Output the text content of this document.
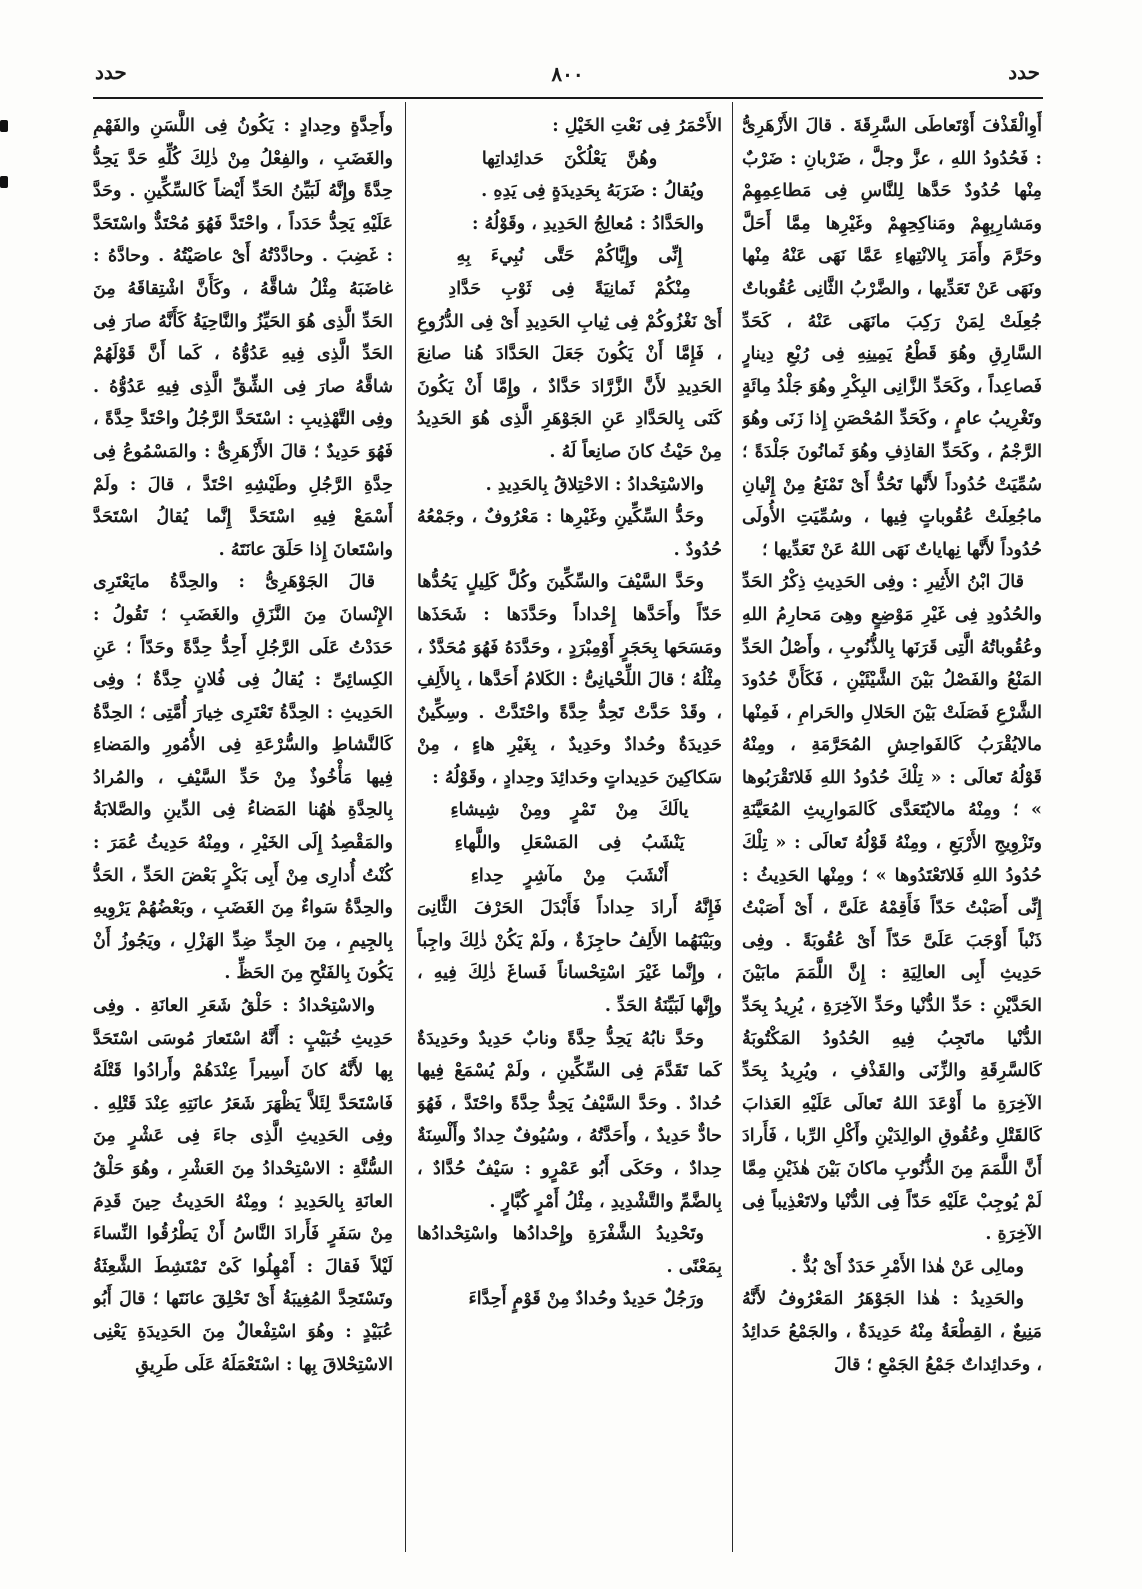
حدد
٨٠٠
حدد

أَوِالْقَذْفَ أَوْتَعاطَى السَّرِقَةَ . قالَ الأَزْهَرِىُّ : فَحُدُودُ اللهِ ، عزَّ وجلَّ ، ضَرْبانِ : ضَرْبٌ مِنْها حُدُودٌ حَدَّها لِلنَّاسِ فِى مَطاعِمِهِمْ ومَشارِبِهِمْ ومَناكِحِهِمْ وغَيْرِها مِمَّا أَحَلَّ وحَرَّمَ وأَمَرَ بِالانْتِهاءِ عَمَّا نَهَى عَنْهُ مِنْها ونَهَى عَنْ تَعَدِّيها ، والضَّرْبُ الثَّانِى عُقُوباتٌ جُعِلَتْ لِمَنْ رَكِبَ مانَهَى عَنْهُ ، كَحَدِّ السَّارِقِ وهُوَ قَطْعُ يَمِينِهِ فِى رُبْعِ دِينارٍ فَصاعِداً ، وكَحَدِّ الزَّانِى البِكْرِ وهُوَ جَلْدُ مِائَةٍ وتَغْرِيبُ عامٍ ، وكَحَدِّ المُحْصَنِ إِذا زَنَى وهُوَ الرَّجْمُ ، وكَحَدِّ القاذِفِ وهُوَ ثَمانُونَ جَلْدَةً ؛ سُمِّيَتْ حُدُوداً لأَنَّها تَحُدُّ أَىْ تَمْنَعُ مِنْ إِتْيانِ ماجُعِلَتْ عُقُوباتٍ فِيها ، وسُمِّيَتِ الأُولَى حُدُوداً لأَنَّها نِهاياتٌ نَهَى اللهُ عَنْ تَعَدِّيها ؛

قالَ ابْنُ الأَثِيرِ : وفِى الحَدِيثِ ذِكْرُ الحَدِّ والحُدُودِ فِى غَيْرِ مَوْضِعٍ وهِىَ مَحارِمُ اللهِ وعُقُوباتُهُ الَّتِى قَرَنَها بِالذُّنُوبِ ، وأَصْلُ الحَدِّ المَنْعُ والفَصْلُ بَيْنَ الشَّيْئَيْنِ ، فَكَأَنَّ حُدُودَ الشَّرْعِ فَصَلَتْ بَيْنَ الحَلالِ والحَرامِ ، فَمِنْها مالايُقْرَبُ كَالفَواحِشِ المُحَرَّمَةِ ، ومِنْهُ قَوْلُهُ تَعالَى : « تِلْكَ حُدُودُ اللهِ فَلاتَقْرَبُوها » ؛ ومِنْهُ مالايُتَعَدَّى كَالمَوارِيثِ المُعَيَّنَةِ وتَزْوِيجِ الأَرْبَعِ ، ومِنْهُ قَوْلُهُ تَعالَى : « تِلْكَ حُدُودُ اللهِ فَلاتَعْتَدُوها » ؛ ومِنْها الحَدِيثُ : إِنِّى أَصَبْتُ حَدّاً فَأَقِمْهُ عَلَىَّ ، أَىْ أَصَبْتُ ذَنْباً أَوْجَبَ عَلَىَّ حَدّاً أَىْ عُقُوبَةً . وفِى حَدِيثِ أَبِى العالِيَةِ : إِنَّ اللَّمَمَ مابَيْنَ الحَدَّيْنِ : حَدِّ الدُّنْيا وحَدِّ الآخِرَةِ ، يُرِيدُ بِحَدِّ الدُّنْيا ماتَجِبُ فِيهِ الحُدُودُ المَكْتُوبَةُ كَالسَّرِقَةِ والزِّنَى والقَذْفِ ، ويُرِيدُ بِحَدِّ الآخِرَةِ ما أَوْعَدَ اللهُ تَعالَى عَلَيْهِ العَذابَ كَالقَتْلِ وعُقُوقِ الوالِدَيْنِ وأَكْلِ الرِّبا ، فَأَرادَ أَنَّ اللَّمَمَ مِنَ الذُّنُوبِ ماكانَ بَيْنَ هٰذَيْنِ مِمَّا لَمْ يُوجِبْ عَلَيْهِ حَدّاً فِى الدُّنْيا ولاتَعْذِيباً فِى الآخِرَةِ .

ومالِى عَنْ هٰذا الأَمْرِ حَدَدٌ أَىْ بُدٌّ .

والحَدِيدُ : هٰذا الجَوْهَرُ المَعْرُوفُ لأَنَّهُ مَنِيعٌ ، القِطْعَةُ مِنْهُ حَدِيدَةٌ ، والجَمْعُ حَدائِدُ ، وحَدائِداتٌ جَمْعُ الجَمْعِ ؛ قالَ

الأَحْمَرُ فِى نَعْتِ الخَيْلِ :

وهُنَّ يَعْلُكْنَ حَدائِداتِها

ويُقالُ : ضَرَبَهُ بِحَدِيدَةٍ فِى يَدِهِ .

والحَدَّادُ : مُعالِجُ الحَدِيدِ ، وقَوْلُهُ :

إِنِّى وإِيَّاكُمْ حَتَّى نُبِيءَ بِهِ

مِنْكُمْ ثَمانِيَةً فِى ثَوْبِ حَدَّادِ

أَىْ نَغْزُوكُمْ فِى ثِيابِ الحَدِيدِ أَىْ فِى الدُّرُوعِ ، فَإِمَّا أَنْ يَكُونَ جَعَلَ الحَدَّادَ هُنا صانِعَ الحَدِيدِ لأَنَّ الزَّرَّادَ حَدَّادٌ ، وإِمَّا أَنْ يَكُونَ كَنَى بِالحَدَّادِ عَنِ الجَوْهَرِ الَّذِى هُوَ الحَدِيدُ مِنْ حَيْثُ كانَ صانِعاً لَهُ .

والاسْتِحْدادُ : الاحْتِلاقُ بِالحَدِيدِ .

وحَدُّ السِّكِّينِ وغَيْرِها : مَعْرُوفٌ ، وجَمْعُهُ حُدُودٌ .

وحَدَّ السَّيْفَ والسِّكِّينَ وكُلَّ كَلِيلٍ يَحُدُّها حَدّاً وأَحَدَّها إِحْداداً وحَدَّدَها : شَحَذَها ومَسَحَها بِحَجَرٍ أَوْمِبْرَدٍ ، وحَدَّدَهُ فَهُوَ مُحَدَّدٌ ، مِثْلُهُ ؛ قالَ اللِّحْيانِىُّ : الكَلامُ أَحَدَّها ، بِالأَلِفِ ، وقَدْ حَدَّتْ تَحِدُّ حِدَّةً واحْتَدَّتْ . وسِكِّينٌ حَدِيدَةٌ وحُدادٌ وحَدِيدٌ ، بِغَيْرِ هاءٍ ، مِنْ سَكاكِينَ حَدِيداتٍ وحَدائِدَ وحِدادٍ ، وقَوْلُهُ :

يالَكَ مِنْ تَمْرٍ ومِنْ شِيشاءِ

يَنْشَبُ فِى المَسْعَلِ واللَّهاءِ

أَنْشَبَ مِنْ مآشِرٍ حِداءِ

فَإِنَّهُ أَرادَ حِداداً فَأَبْدَلَ الحَرْفَ الثَّانِىَ وبَيْنَهُما الأَلِفُ حاجِزَةٌ ، ولَمْ يَكُنْ ذٰلِكَ واجِباً ، وإِنَّما غَيْرَ اسْتِحْساناً فَساغَ ذٰلِكَ فِيهِ ، وإِنَّها لَبَيِّنَةُ الحَدِّ .

وحَدَّ نابُهُ يَحِدُّ حِدَّةً ونابٌ حَدِيدٌ وحَدِيدَةٌ كَما تَقَدَّمَ فِى السِّكِّينِ ، ولَمْ يُسْمَعْ فِيها حُدادٌ . وحَدَّ السَّيْفُ يَحِدُّ حِدَّةً واحْتَدَّ ، فَهُوَ حادٌّ حَدِيدٌ ، وأَحَدَّتُهُ ، وسُيُوفٌ حِدادٌ وأَلْسِنَةٌ حِدادٌ ، وحَكَى أَبُو عَمْرٍو : سَيْفٌ حُدَّادٌ ، بِالضَّمِّ والتَّشْدِيدِ ، مِثْلُ أَمْرٍ كُبَّارٍ .

وتَحْدِيدُ الشَّفْرَةِ وإِحْدادُها واسْتِحْدادُها بِمَعْنًى .

ورَجُلٌ حَدِيدٌ وحُدادٌ مِنْ قَوْمٍ أَحِدَّاءَ

وأَحِدَّةٍ وحِدادٍ : يَكُونُ فِى اللَّسَنِ والفَهْمِ والغَضَبِ ، والفِعْلُ مِنْ ذٰلِكَ كُلِّهِ حَدَّ يَحِدُّ حِدَّةً وإِنَّهُ لَبَيِّنُ الحَدِّ أَيْضاً كَالسِّكِّينِ . وحَدَّ عَلَيْهِ يَحِدُّ حَدَداً ، واحْتَدَّ فَهُوَ مُحْتَدٌّ واسْتَحَدَّ : غَضِبَ . وحادَّدْتُهُ أَىْ عاصَيْتُهُ . وحادَّهُ : غاضَبَهُ مِثْلُ شاقَّهُ ، وكَأَنَّ اشْتِقاقَهُ مِنَ الحَدِّ الَّذِى هُوَ الحَيِّزُ والنَّاحِيَةُ كَأَنَّهُ صارَ فِى الحَدِّ الَّذِى فِيهِ عَدُوُّهُ ، كَما أَنَّ قَوْلَهُمْ شاقَّهُ صارَ فِى الشِّقِّ الَّذِى فِيهِ عَدُوُّهُ . وفِى التَّهْذِيبِ : اسْتَحَدَّ الرَّجُلُ واحْتَدَّ حِدَّةً ، فَهُوَ حَدِيدٌ ؛ قالَ الأَزْهَرِىُّ : والمَسْمُوعُ فِى حِدَّةِ الرَّجُلِ وطَيْشِهِ احْتَدَّ ، قالَ : ولَمْ أَسْمَعْ فِيهِ اسْتَحَدَّ إِنَّما يُقالُ اسْتَحَدَّ واسْتَعانَ إِذا حَلَقَ عانَتَهُ .

قالَ الجَوْهَرِىُّ : والحِدَّةُ مايَعْتَرِى الإِنْسانَ مِنَ النَّزَقِ والغَضَبِ ؛ تَقُولُ : حَدَدْتُ عَلَى الرَّجُلِ أَحِدُّ حِدَّةً وحَدّاً ؛ عَنِ الكِسائِىِّ : يُقالُ فِى فُلانٍ حِدَّةٌ ؛ وفِى الحَدِيثِ : الحِدَّةُ تَعْتَرِى خِيارَ أُمَّتِى ؛ الحِدَّةُ كَالنَّشاطِ والسُّرْعَةِ فِى الأُمُورِ والمَضاءِ فِيها مَأْخُوذٌ مِنْ حَدِّ السَّيْفِ ، والمُرادُ بِالحِدَّةِ هٰهُنا المَضاءُ فِى الدِّينِ والصَّلابَةُ والمَقْصِدُ إِلَى الخَيْرِ ، ومِنْهُ حَدِيثُ عُمَرَ : كُنْتُ أُدارِى مِنْ أَبِى بَكْرٍ بَعْضَ الحَدِّ ، الحَدُّ والحِدَّةُ سَواءٌ مِنَ الغَضَبِ ، وبَعْضُهُمْ يَرْوِيهِ بِالجِيمِ ، مِنَ الجِدِّ ضِدِّ الهَزْلِ ، ويَجُوزُ أَنْ يَكُونَ بِالفَتْحِ مِنَ الحَظِّ .

والاسْتِحْدادُ : حَلْقُ شَعَرِ العانَةِ . وفِى حَدِيثِ خُبَيْبٍ : أَنَّهُ اسْتَعارَ مُوسَى اسْتَحَدَّ بِها لأَنَّهُ كانَ أَسِيراً عِنْدَهُمْ وأَرادُوا قَتْلَهُ فَاسْتَحَدَّ لِئَلاَّ يَظْهَرَ شَعَرُ عانَتِهِ عِنْدَ قَتْلِهِ . وفِى الحَدِيثِ الَّذِى جاءَ فِى عَشْرٍ مِنَ السُّنَّةِ : الاسْتِحْدادُ مِنَ العَشْرِ ، وهُوَ حَلْقُ العانَةِ بِالحَدِيدِ ؛ ومِنْهُ الحَدِيثُ حِينَ قَدِمَ مِنْ سَفَرٍ فَأَرادَ النَّاسُ أَنْ يَطْرُقُوا النِّساءَ لَيْلاً فَقالَ : أَمْهِلُوا كَىْ تَمْتَشِطَ الشَّعِثَةُ وتَسْتَحِدَّ المُغِيبَةُ أَىْ تَحْلِقَ عانَتَها ؛ قالَ أَبُو عُبَيْدٍ : وهُوَ اسْتِفْعالٌ مِنَ الحَدِيدَةِ يَعْنِى الاسْتِحْلاقَ بِها : اسْتَعْمَلَهُ عَلَى طَرِيقِ
